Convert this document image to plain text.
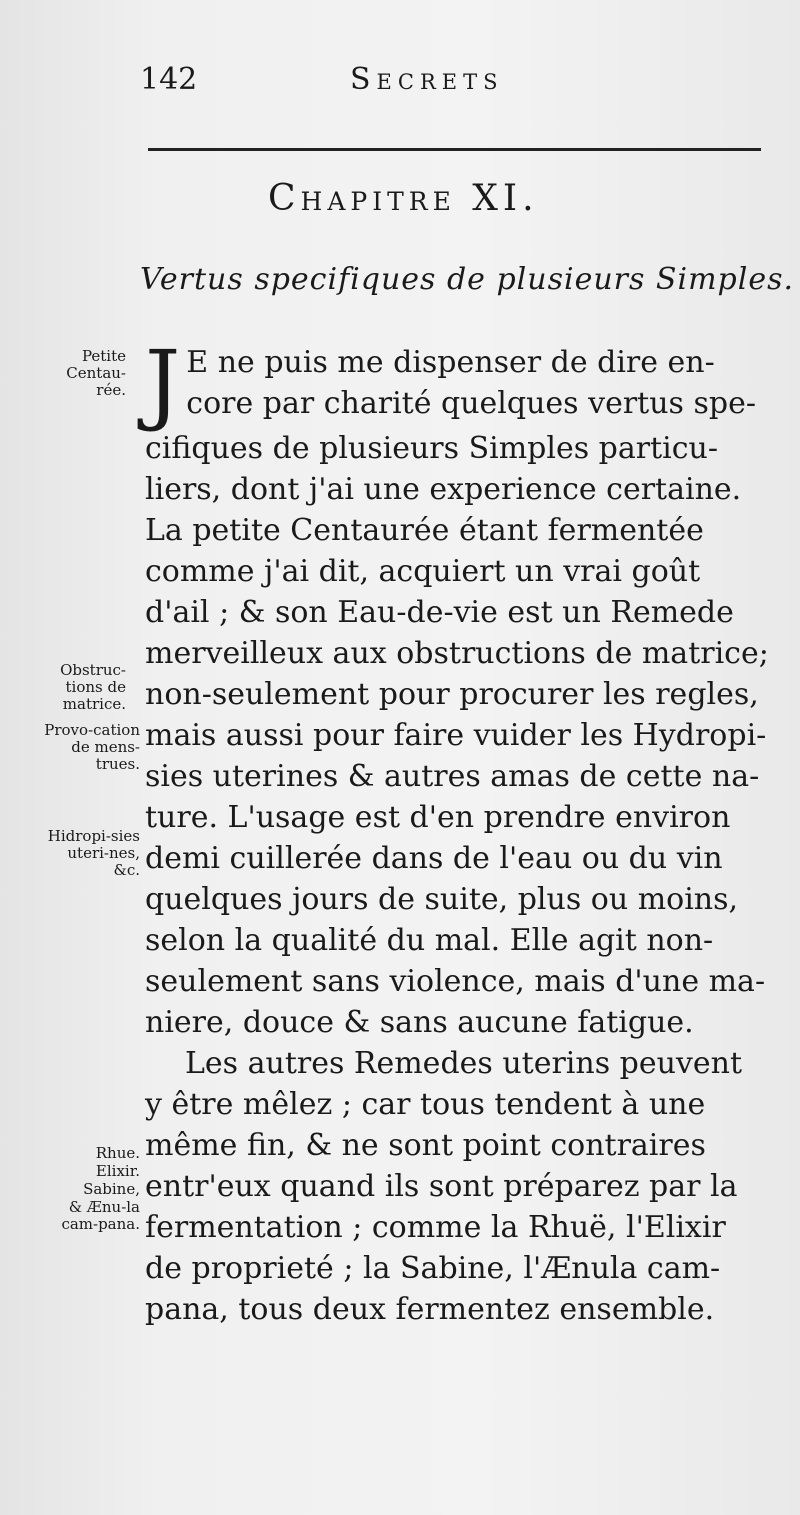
142	Secrets
Chapitre XI.
Vertus specifiques de plusieurs Simples.
Petite Centau-rée.
Obstruc-tions de matrice.
Provo-cation de mens-trues.
Hidropi-sies uteri-nes, &c.
Rhue.
Elixir.
Sabine,
& Ænu-la cam-pana.
J E ne puis me dispenser de dire en-
core par charité quelques vertus spe-
cifiques de plusieurs Simples particu-
liers, dont j'ai une experience certaine.
La petite Centaurée étant fermentée
comme j'ai dit, acquiert un vrai goût
d'ail ; & son Eau-de-vie est un Remede
merveilleux aux obstructions de matrice;
non-seulement pour procurer les regles,
mais aussi pour faire vuider les Hydropi-
sies uterines & autres amas de cette na-
ture. L'usage est d'en prendre environ
demi cuillerée dans de l'eau ou du vin
quelques jours de suite, plus ou moins,
selon la qualité du mal. Elle agit non-
seulement sans violence, mais d'une ma-
niere, douce & sans aucune fatigue.
Les autres Remedes uterins peuvent
y être mêlez ; car tous tendent à une
même fin, & ne sont point contraires
entr'eux quand ils sont préparez par la
fermentation ; comme la Rhuë, l'Elixir
de proprieté ; la Sabine, l'Ænula cam-
pana, tous deux fermentez ensemble.
